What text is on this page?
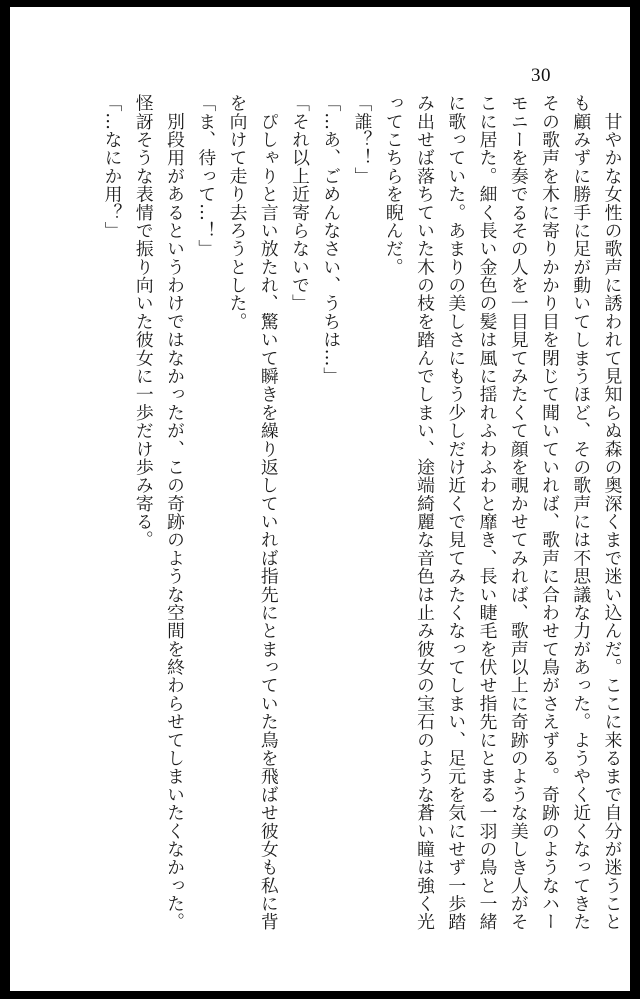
30
　甘やかな女性の歌声に誘われて見知らぬ森の奥深くまで迷い込んだ。ここに来るまで自分が迷うこと
も顧みずに勝手に足が動いてしまうほど、その歌声には不思議な力があった。ようやく近くなってきた
その歌声を木に寄りかかり目を閉じて聞いていれば、歌声に合わせて鳥がさえずる。奇跡のようなハー
モニーを奏でるその人を一目見てみたくて顔を覗かせてみれば、歌声以上に奇跡のような美しき人がそ
こに居た。細く長い金色の髪は風に揺れふわふわと靡き、長い睫毛を伏せ指先にとまる一羽の鳥と一緒
に歌っていた。あまりの美しさにもう少しだけ近くで見てみたくなってしまい、足元を気にせず一歩踏
み出せば落ちていた木の枝を踏んでしまい、途端綺麗な音色は止み彼女の宝石のような蒼い瞳は強く光
ってこちらを睨んだ。
「誰？！」
「…あ、ごめんなさい、うちは…」
「それ以上近寄らないで」
　ぴしゃりと言い放たれ、驚いて瞬きを繰り返していれば指先にとまっていた鳥を飛ばせ彼女も私に背
を向けて走り去ろうとした。
「ま、待って…！」
　別段用があるというわけではなかったが、この奇跡のような空間を終わらせてしまいたくなかった。
怪訝そうな表情で振り向いた彼女に一歩だけ歩み寄る。
「…なにか用？」
